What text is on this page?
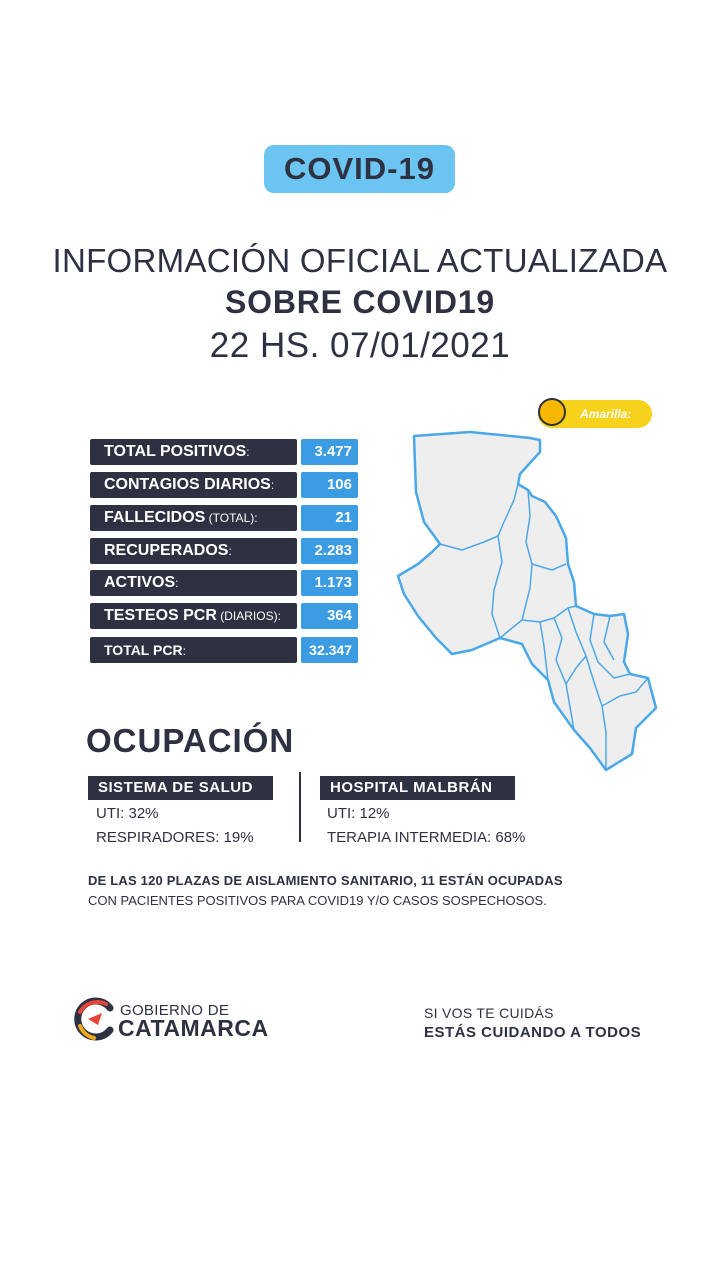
COVID-19
INFORMACIÓN OFICIAL ACTUALIZADA
SOBRE COVID19
22 HS. 07/01/2021
TOTAL POSITIVOS:	3.477
CONTAGIOS DIARIOS:	106
FALLECIDOS (TOTAL):	21
RECUPERADOS:	2.283
ACTIVOS:	1.173
TESTEOS PCR (DIARIOS):	364
TOTAL PCR:	32.347
Amarilla:
OCUPACIÓN
SISTEMA DE SALUD
UTI: 32%
RESPIRADORES: 19%
HOSPITAL MALBRÁN
UTI: 12%
TERAPIA INTERMEDIA: 68%
DE LAS 120 PLAZAS DE AISLAMIENTO SANITARIO, 11 ESTÁN OCUPADAS
CON PACIENTES POSITIVOS PARA COVID19 Y/O CASOS SOSPECHOSOS.
GOBIERNO DE
CATAMARCA
SI VOS TE CUIDÁS
ESTÁS CUIDANDO A TODOS
